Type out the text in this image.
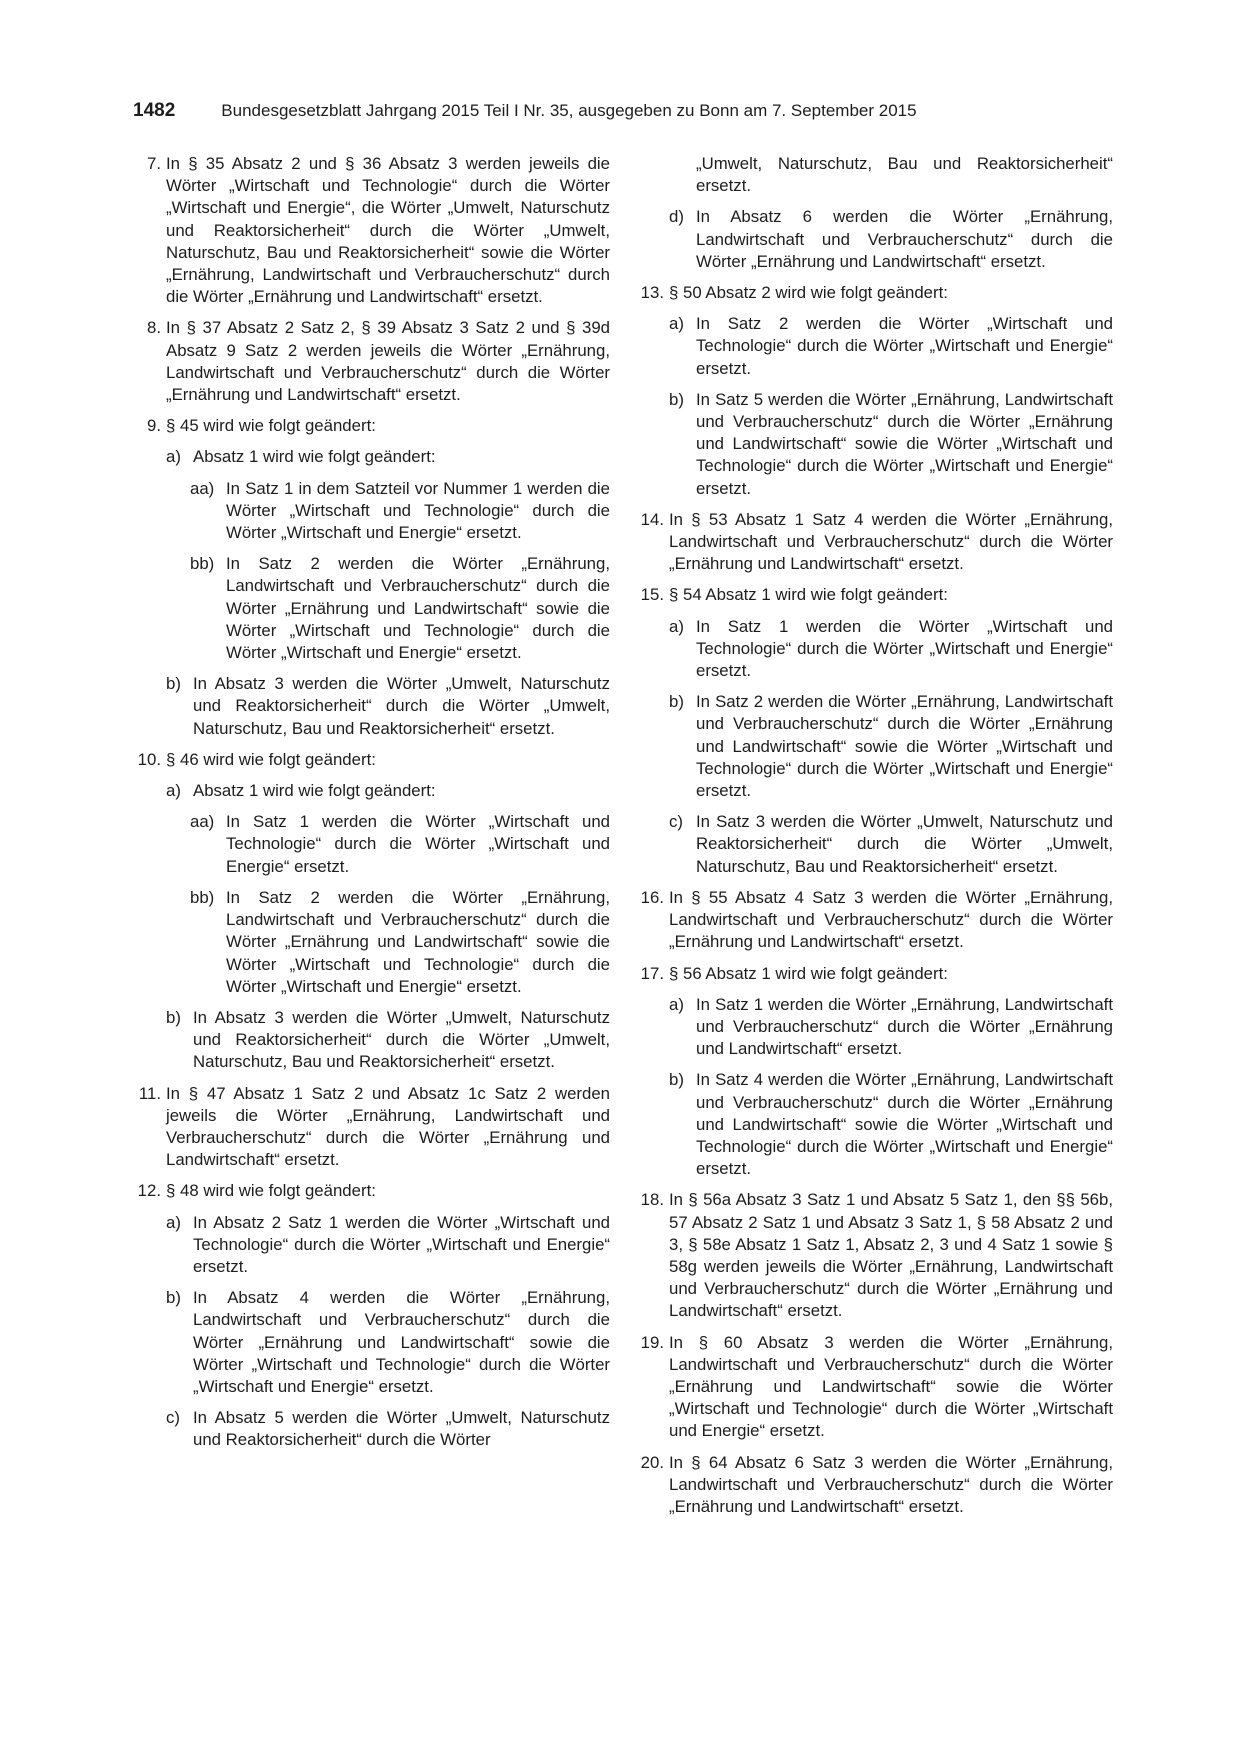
1482	Bundesgesetzblatt Jahrgang 2015 Teil I Nr. 35, ausgegeben zu Bonn am 7. September 2015
7. In § 35 Absatz 2 und § 36 Absatz 3 werden jeweils die Wörter „Wirtschaft und Technologie“ durch die Wörter „Wirtschaft und Energie“, die Wörter „Umwelt, Naturschutz und Reaktorsicherheit“ durch die Wörter „Umwelt, Naturschutz, Bau und Reaktorsicherheit“ sowie die Wörter „Ernährung, Landwirtschaft und Verbraucherschutz“ durch die Wörter „Ernährung und Landwirtschaft“ ersetzt.
8. In § 37 Absatz 2 Satz 2, § 39 Absatz 3 Satz 2 und § 39d Absatz 9 Satz 2 werden jeweils die Wörter „Ernährung, Landwirtschaft und Verbraucherschutz“ durch die Wörter „Ernährung und Landwirtschaft“ ersetzt.
9. § 45 wird wie folgt geändert:
a) Absatz 1 wird wie folgt geändert:
aa) In Satz 1 in dem Satzteil vor Nummer 1 werden die Wörter „Wirtschaft und Technologie“ durch die Wörter „Wirtschaft und Energie“ ersetzt.
bb) In Satz 2 werden die Wörter „Ernährung, Landwirtschaft und Verbraucherschutz“ durch die Wörter „Ernährung und Landwirtschaft“ sowie die Wörter „Wirtschaft und Technologie“ durch die Wörter „Wirtschaft und Energie“ ersetzt.
b) In Absatz 3 werden die Wörter „Umwelt, Naturschutz und Reaktorsicherheit“ durch die Wörter „Umwelt, Naturschutz, Bau und Reaktorsicherheit“ ersetzt.
10. § 46 wird wie folgt geändert:
a) Absatz 1 wird wie folgt geändert:
aa) In Satz 1 werden die Wörter „Wirtschaft und Technologie“ durch die Wörter „Wirtschaft und Energie“ ersetzt.
bb) In Satz 2 werden die Wörter „Ernährung, Landwirtschaft und Verbraucherschutz“ durch die Wörter „Ernährung und Landwirtschaft“ sowie die Wörter „Wirtschaft und Technologie“ durch die Wörter „Wirtschaft und Energie“ ersetzt.
b) In Absatz 3 werden die Wörter „Umwelt, Naturschutz und Reaktorsicherheit“ durch die Wörter „Umwelt, Naturschutz, Bau und Reaktorsicherheit“ ersetzt.
11. In § 47 Absatz 1 Satz 2 und Absatz 1c Satz 2 werden jeweils die Wörter „Ernährung, Landwirtschaft und Verbraucherschutz“ durch die Wörter „Ernährung und Landwirtschaft“ ersetzt.
12. § 48 wird wie folgt geändert:
a) In Absatz 2 Satz 1 werden die Wörter „Wirtschaft und Technologie“ durch die Wörter „Wirtschaft und Energie“ ersetzt.
b) In Absatz 4 werden die Wörter „Ernährung, Landwirtschaft und Verbraucherschutz“ durch die Wörter „Ernährung und Landwirtschaft“ sowie die Wörter „Wirtschaft und Technologie“ durch die Wörter „Wirtschaft und Energie“ ersetzt.
c) In Absatz 5 werden die Wörter „Umwelt, Naturschutz und Reaktorsicherheit“ durch die Wörter
„Umwelt, Naturschutz, Bau und Reaktorsicherheit“ ersetzt.
d) In Absatz 6 werden die Wörter „Ernährung, Landwirtschaft und Verbraucherschutz“ durch die Wörter „Ernährung und Landwirtschaft“ ersetzt.
13. § 50 Absatz 2 wird wie folgt geändert:
a) In Satz 2 werden die Wörter „Wirtschaft und Technologie“ durch die Wörter „Wirtschaft und Energie“ ersetzt.
b) In Satz 5 werden die Wörter „Ernährung, Landwirtschaft und Verbraucherschutz“ durch die Wörter „Ernährung und Landwirtschaft“ sowie die Wörter „Wirtschaft und Technologie“ durch die Wörter „Wirtschaft und Energie“ ersetzt.
14. In § 53 Absatz 1 Satz 4 werden die Wörter „Ernährung, Landwirtschaft und Verbraucherschutz“ durch die Wörter „Ernährung und Landwirtschaft“ ersetzt.
15. § 54 Absatz 1 wird wie folgt geändert:
a) In Satz 1 werden die Wörter „Wirtschaft und Technologie“ durch die Wörter „Wirtschaft und Energie“ ersetzt.
b) In Satz 2 werden die Wörter „Ernährung, Landwirtschaft und Verbraucherschutz“ durch die Wörter „Ernährung und Landwirtschaft“ sowie die Wörter „Wirtschaft und Technologie“ durch die Wörter „Wirtschaft und Energie“ ersetzt.
c) In Satz 3 werden die Wörter „Umwelt, Naturschutz und Reaktorsicherheit“ durch die Wörter „Umwelt, Naturschutz, Bau und Reaktorsicherheit“ ersetzt.
16. In § 55 Absatz 4 Satz 3 werden die Wörter „Ernährung, Landwirtschaft und Verbraucherschutz“ durch die Wörter „Ernährung und Landwirtschaft“ ersetzt.
17. § 56 Absatz 1 wird wie folgt geändert:
a) In Satz 1 werden die Wörter „Ernährung, Landwirtschaft und Verbraucherschutz“ durch die Wörter „Ernährung und Landwirtschaft“ ersetzt.
b) In Satz 4 werden die Wörter „Ernährung, Landwirtschaft und Verbraucherschutz“ durch die Wörter „Ernährung und Landwirtschaft“ sowie die Wörter „Wirtschaft und Technologie“ durch die Wörter „Wirtschaft und Energie“ ersetzt.
18. In § 56a Absatz 3 Satz 1 und Absatz 5 Satz 1, den §§ 56b, 57 Absatz 2 Satz 1 und Absatz 3 Satz 1, § 58 Absatz 2 und 3, § 58e Absatz 1 Satz 1, Absatz 2, 3 und 4 Satz 1 sowie § 58g werden jeweils die Wörter „Ernährung, Landwirtschaft und Verbraucherschutz“ durch die Wörter „Ernährung und Landwirtschaft“ ersetzt.
19. In § 60 Absatz 3 werden die Wörter „Ernährung, Landwirtschaft und Verbraucherschutz“ durch die Wörter „Ernährung und Landwirtschaft“ sowie die Wörter „Wirtschaft und Technologie“ durch die Wörter „Wirtschaft und Energie“ ersetzt.
20. In § 64 Absatz 6 Satz 3 werden die Wörter „Ernährung, Landwirtschaft und Verbraucherschutz“ durch die Wörter „Ernährung und Landwirtschaft“ ersetzt.
